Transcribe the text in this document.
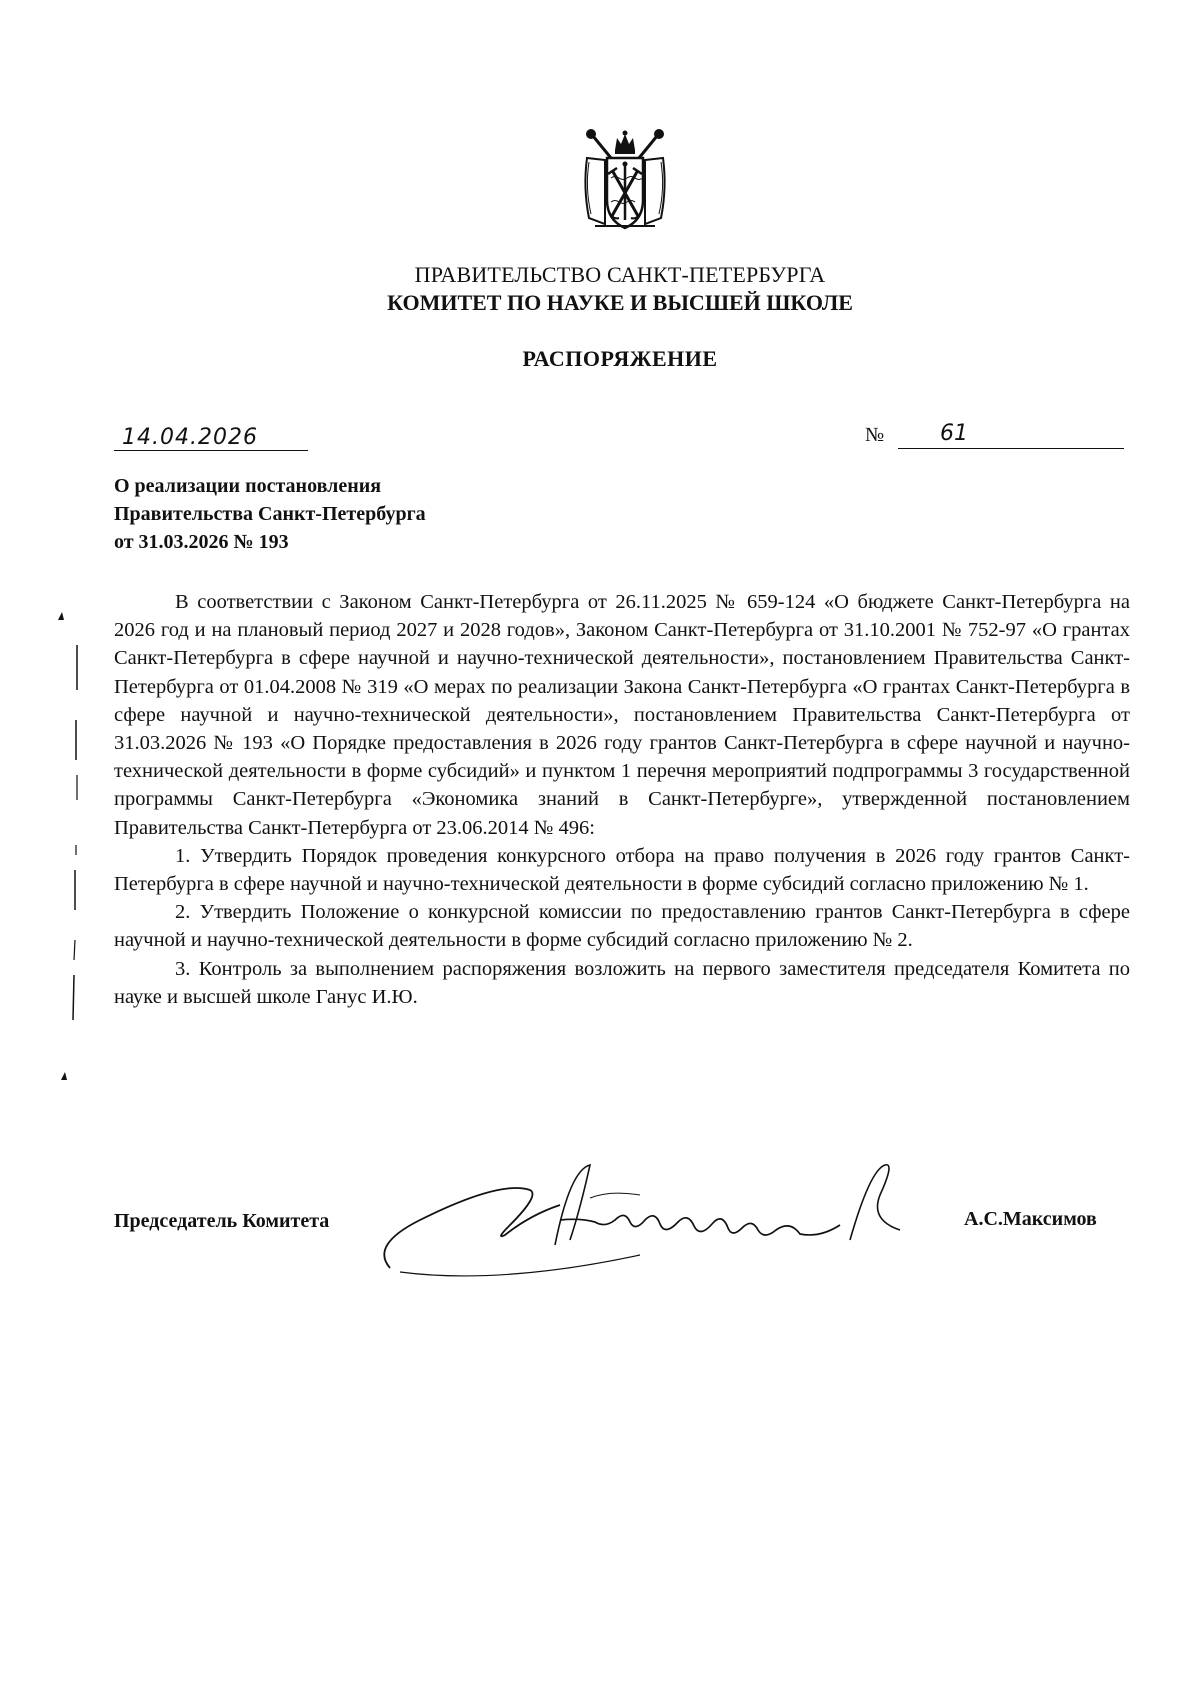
ПРАВИТЕЛЬСТВО САНКТ-ПЕТЕРБУРГА
КОМИТЕТ ПО НАУКЕ И ВЫСШЕЙ ШКОЛЕ
РАСПОРЯЖЕНИЕ
14.04.2026	№	61
О реализации постановления
Правительства Санкт-Петербурга
от 31.03.2026 № 193

В соответствии с Законом Санкт-Петербурга от 26.11.2025 № 659-124 «О бюджете Санкт-Петербурга на 2026 год и на плановый период 2027 и 2028 годов», Законом Санкт-Петербурга от 31.10.2001 № 752-97 «О грантах Санкт-Петербурга в сфере научной и научно-технической деятельности», постановлением Правительства Санкт-Петербурга от 01.04.2008 № 319 «О мерах по реализации Закона Санкт-Петербурга «О грантах Санкт-Петербурга в сфере научной и научно-технической деятельности», постановлением Правительства Санкт-Петербурга от 31.03.2026 № 193 «О Порядке предоставления в 2026 году грантов Санкт-Петербурга в сфере научной и научно-технической деятельности в форме субсидий» и пунктом 1 перечня мероприятий подпрограммы 3 государственной программы Санкт-Петербурга «Экономика знаний в Санкт-Петербурге», утвержденной постановлением Правительства Санкт-Петербурга от 23.06.2014 № 496:

1. Утвердить Порядок проведения конкурсного отбора на право получения в 2026 году грантов Санкт-Петербурга в сфере научной и научно-технической деятельности в форме субсидий согласно приложению № 1.

2. Утвердить Положение о конкурсной комиссии по предоставлению грантов Санкт-Петербурга в сфере научной и научно-технической деятельности в форме субсидий согласно приложению № 2.

3. Контроль за выполнением распоряжения возложить на первого заместителя председателя Комитета по науке и высшей школе Ганус И.Ю.

Председатель Комитета	А.С.Максимов
